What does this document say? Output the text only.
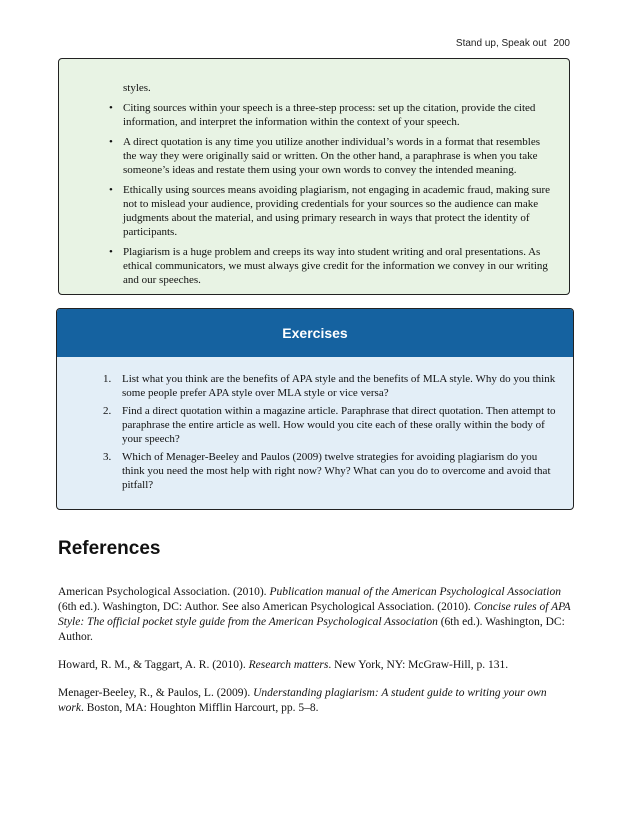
Stand up, Speak out 200
styles.
• Citing sources within your speech is a three-step process: set up the citation, provide the cited information, and interpret the information within the context of your speech.
• A direct quotation is any time you utilize another individual’s words in a format that resembles the way they were originally said or written. On the other hand, a paraphrase is when you take someone’s ideas and restate them using your own words to convey the intended meaning.
• Ethically using sources means avoiding plagiarism, not engaging in academic fraud, making sure not to mislead your audience, providing credentials for your sources so the audience can make judgments about the material, and using primary research in ways that protect the identity of participants.
• Plagiarism is a huge problem and creeps its way into student writing and oral presentations. As ethical communicators, we must always give credit for the information we convey in our writing and our speeches.
Exercises
1. List what you think are the benefits of APA style and the benefits of MLA style. Why do you think some people prefer APA style over MLA style or vice versa?
2. Find a direct quotation within a magazine article. Paraphrase that direct quotation. Then attempt to paraphrase the entire article as well. How would you cite each of these orally within the body of your speech?
3. Which of Menager-Beeley and Paulos (2009) twelve strategies for avoiding plagiarism do you think you need the most help with right now? Why? What can you do to overcome and avoid that pitfall?
References

American Psychological Association. (2010). Publication manual of the American Psychological Association (6th ed.). Washington, DC: Author. See also American Psychological Association. (2010). Concise rules of APA Style: The official pocket style guide from the American Psychological Association (6th ed.). Washington, DC: Author.

Howard, R. M., & Taggart, A. R. (2010). Research matters. New York, NY: McGraw-Hill, p. 131.

Menager-Beeley, R., & Paulos, L. (2009). Understanding plagiarism: A student guide to writing your own work. Boston, MA: Houghton Mifflin Harcourt, pp. 5–8.
